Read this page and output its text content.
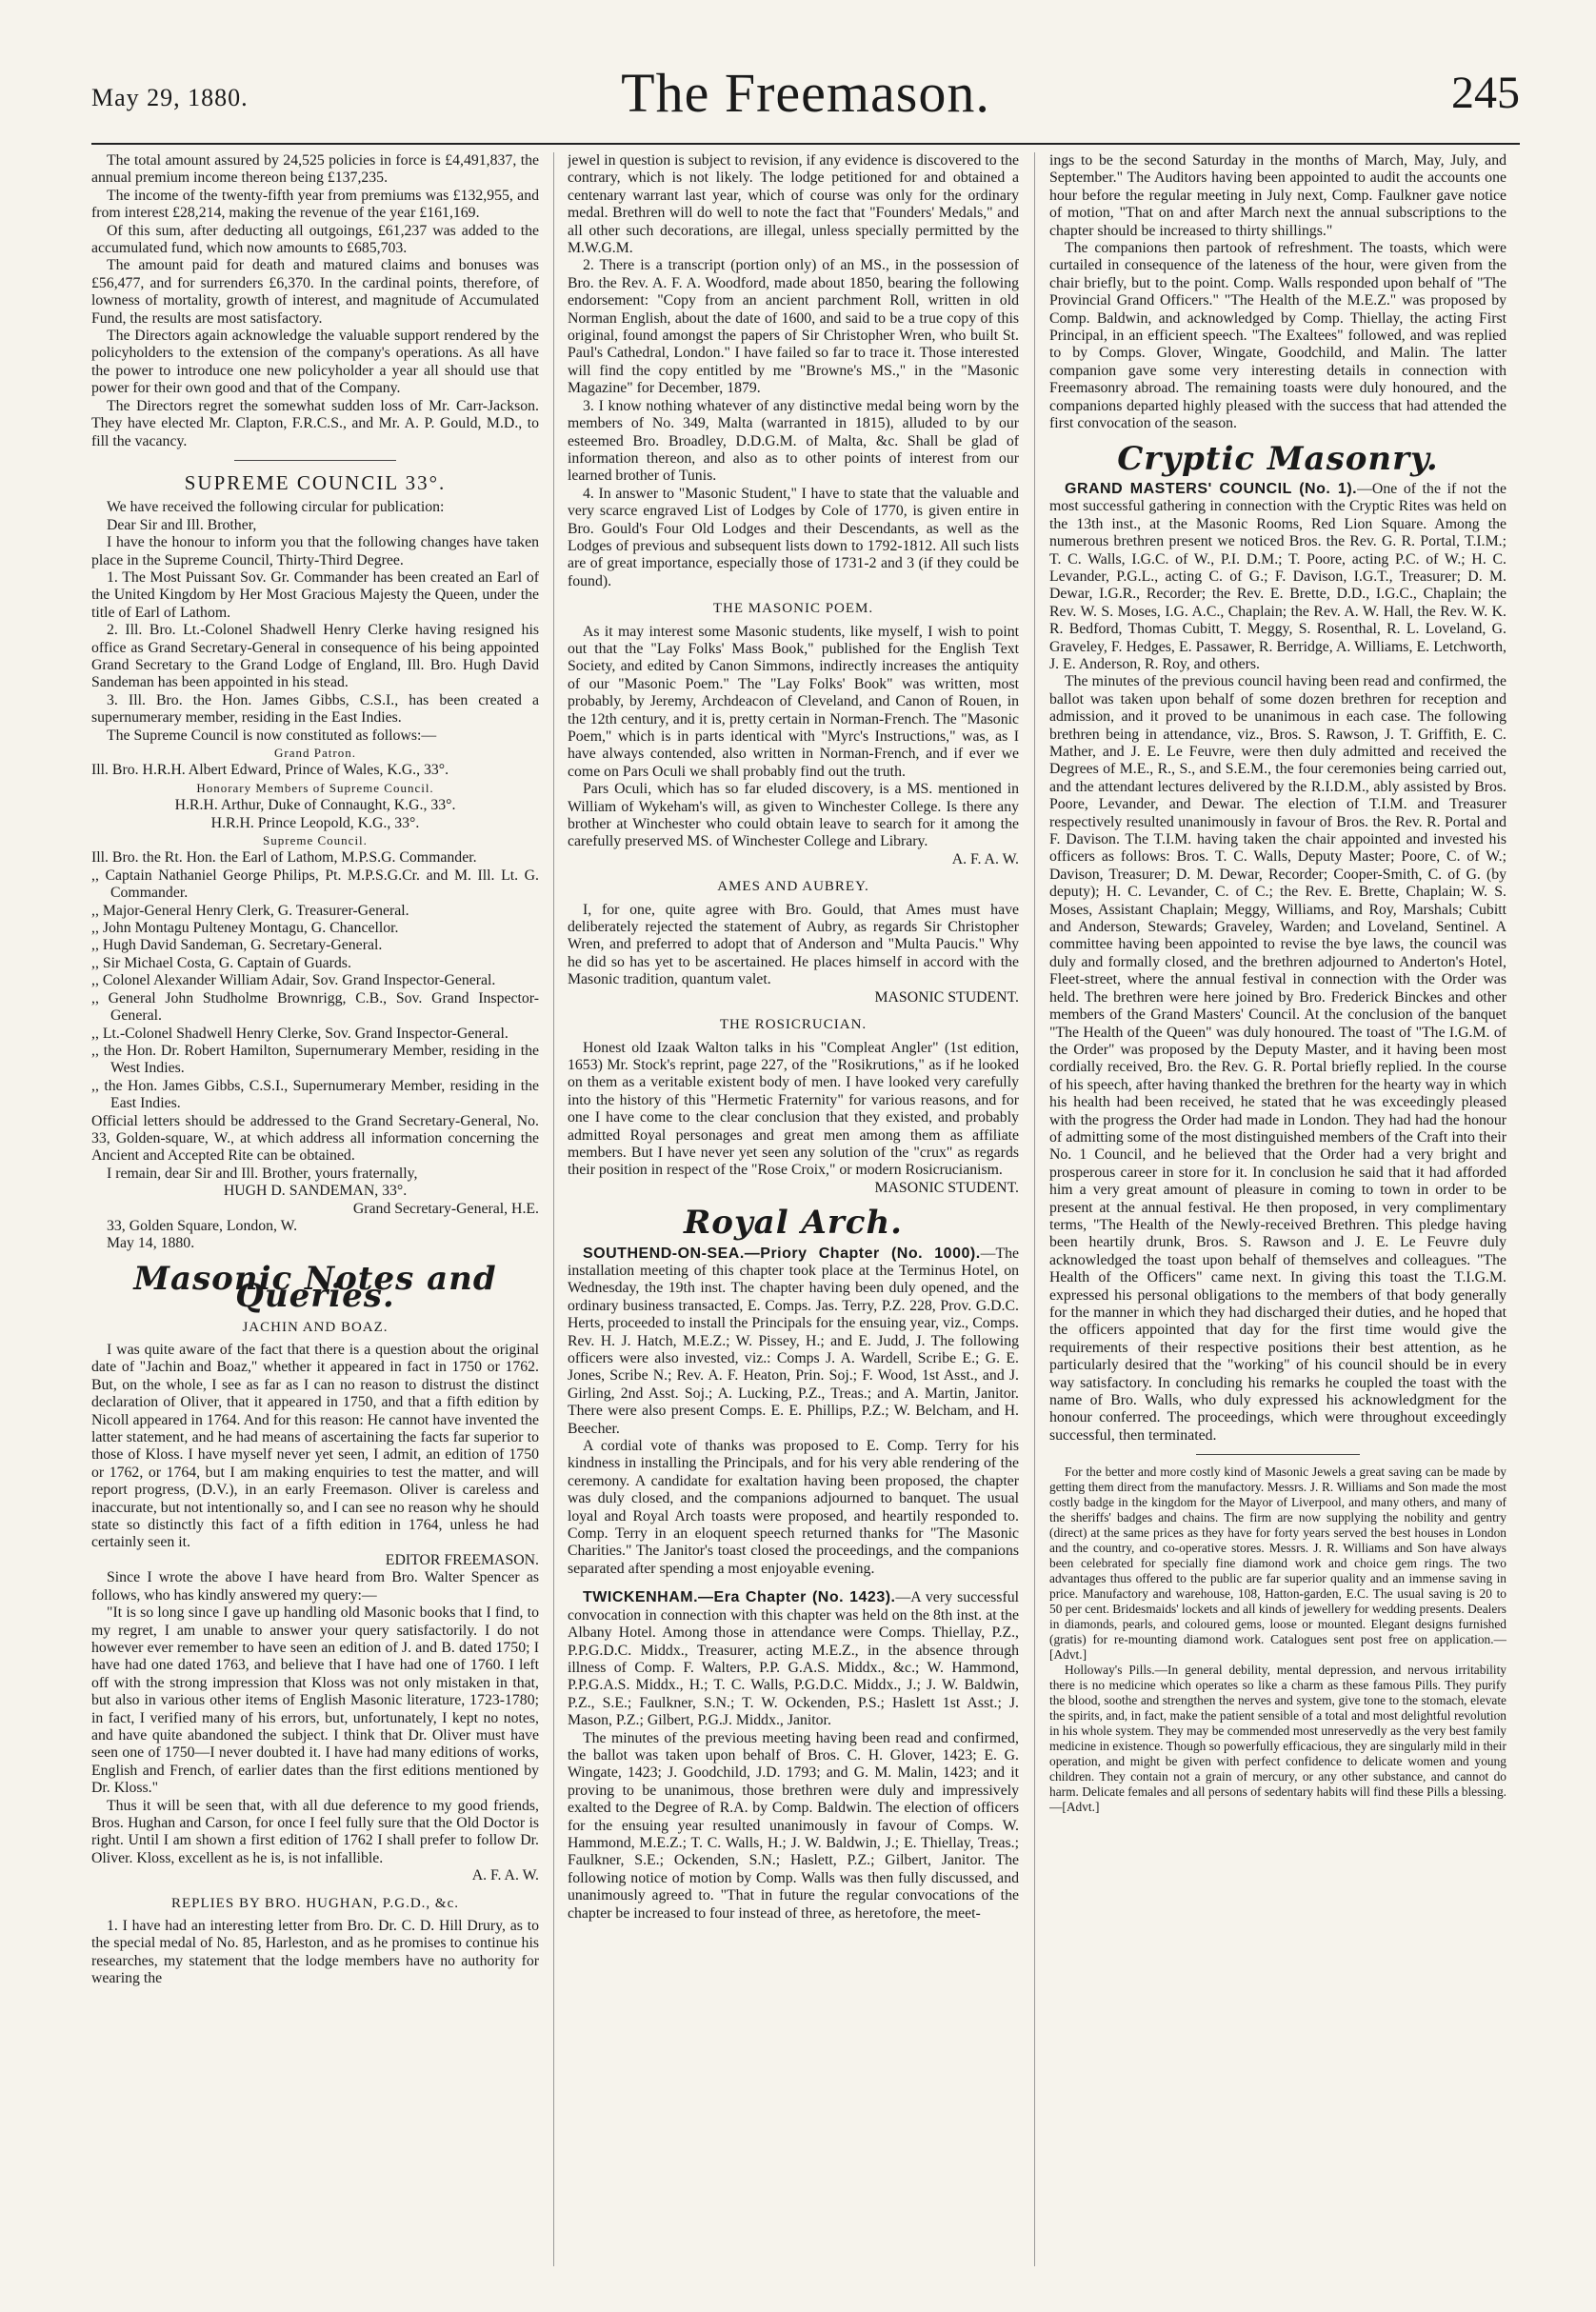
May 29, 1880.	The Freemason.	245

The total amount assured by 24,525 policies in force is £4,491,837, the annual premium income thereon being £137,235.

The income of the twenty-fifth year from premiums was £132,955, and from interest £28,214, making the revenue of the year £161,169.

Of this sum, after deducting all outgoings, £61,237 was added to the accumulated fund, which now amounts to £685,703.

The amount paid for death and matured claims and bonuses was £56,477, and for surrenders £6,370. In the cardinal points, therefore, of lowness of mortality, growth of interest, and magnitude of Accumulated Fund, the results are most satisfactory.

The Directors again acknowledge the valuable support rendered by the policyholders to the extension of the company's operations. As all have the power to introduce one new policyholder a year all should use that power for their own good and that of the Company.

The Directors regret the somewhat sudden loss of Mr. Carr-Jackson. They have elected Mr. Clapton, F.R.C.S., and Mr. A. P. Gould, M.D., to fill the vacancy.

SUPREME COUNCIL 33°.

We have received the following circular for publication:

Dear Sir and Ill. Brother,

I have the honour to inform you that the following changes have taken place in the Supreme Council, Thirty-Third Degree.

1. The Most Puissant Sov. Gr. Commander has been created an Earl of the United Kingdom by Her Most Gracious Majesty the Queen, under the title of Earl of Lathom.

2. Ill. Bro. Lt.-Colonel Shadwell Henry Clerke having resigned his office as Grand Secretary-General in consequence of his being appointed Grand Secretary to the Grand Lodge of England, Ill. Bro. Hugh David Sandeman has been appointed in his stead.

3. Ill. Bro. the Hon. James Gibbs, C.S.I., has been created a supernumerary member, residing in the East Indies.

The Supreme Council is now constituted as follows:—

Grand Patron.

Ill. Bro. H.R.H. Albert Edward, Prince of Wales, K.G., 33°.

Honorary Members of Supreme Council.

H.R.H. Arthur, Duke of Connaught, K.G., 33°.

H.R.H. Prince Leopold, K.G., 33°.

Supreme Council.

Ill. Bro. the Rt. Hon. the Earl of Lathom, M.P.S.G. Commander.

,, Captain Nathaniel George Philips, Pt. M.P.S.G.Cr. and M. Ill. Lt. G. Commander.

,, Major-General Henry Clerk, G. Treasurer-General.

,, John Montagu Pulteney Montagu, G. Chancellor.

,, Hugh David Sandeman, G. Secretary-General.

,, Sir Michael Costa, G. Captain of Guards.

,, Colonel Alexander William Adair, Sov. Grand Inspector-General.

,, General John Studholme Brownrigg, C.B., Sov. Grand Inspector-General.

,, Lt.-Colonel Shadwell Henry Clerke, Sov. Grand Inspector-General.

,, the Hon. Dr. Robert Hamilton, Supernumerary Member, residing in the West Indies.

,, the Hon. James Gibbs, C.S.I., Supernumerary Member, residing in the East Indies.

Official letters should be addressed to the Grand Secretary-General, No. 33, Golden-square, W., at which address all information concerning the Ancient and Accepted Rite can be obtained.

I remain, dear Sir and Ill. Brother, yours fraternally,

HUGH D. SANDEMAN, 33°.

Grand Secretary-General, H.E.

33, Golden Square, London, W.

May 14, 1880.

Masonic Notes and Queries.
JACHIN AND BOAZ.

I was quite aware of the fact that there is a question about the original date of "Jachin and Boaz," whether it appeared in fact in 1750 or 1762. But, on the whole, I see as far as I can no reason to distrust the distinct declaration of Oliver, that it appeared in 1750, and that a fifth edition by Nicoll appeared in 1764. And for this reason: He cannot have invented the latter statement, and he had means of ascertaining the facts far superior to those of Kloss. I have myself never yet seen, I admit, an edition of 1750 or 1762, or 1764, but I am making enquiries to test the matter, and will report progress, (D.V.), in an early Freemason. Oliver is careless and inaccurate, but not intentionally so, and I can see no reason why he should state so distinctly this fact of a fifth edition in 1764, unless he had certainly seen it.

EDITOR FREEMASON.

Since I wrote the above I have heard from Bro. Walter Spencer as follows, who has kindly answered my query:—

"It is so long since I gave up handling old Masonic books that I find, to my regret, I am unable to answer your query satisfactorily. I do not however ever remember to have seen an edition of J. and B. dated 1750; I have had one dated 1763, and believe that I have had one of 1760. I left off with the strong impression that Kloss was not only mistaken in that, but also in various other items of English Masonic literature, 1723-1780; in fact, I verified many of his errors, but, unfortunately, I kept no notes, and have quite abandoned the subject. I think that Dr. Oliver must have seen one of 1750—I never doubted it. I have had many editions of works, English and French, of earlier dates than the first editions mentioned by Dr. Kloss."

Thus it will be seen that, with all due deference to my good friends, Bros. Hughan and Carson, for once I feel fully sure that the Old Doctor is right. Until I am shown a first edition of 1762 I shall prefer to follow Dr. Oliver. Kloss, excellent as he is, is not infallible.

A. F. A. W.

REPLIES BY BRO. HUGHAN, P.G.D., &c.

1. I have had an interesting letter from Bro. Dr. C. D. Hill Drury, as to the special medal of No. 85, Harleston, and as he promises to continue his researches, my statement that the lodge members have no authority for wearing the

jewel in question is subject to revision, if any evidence is discovered to the contrary, which is not likely. The lodge petitioned for and obtained a centenary warrant last year, which of course was only for the ordinary medal. Brethren will do well to note the fact that "Founders' Medals," and all other such decorations, are illegal, unless specially permitted by the M.W.G.M.

2. There is a transcript (portion only) of an MS., in the possession of Bro. the Rev. A. F. A. Woodford, made about 1850, bearing the following endorsement: "Copy from an ancient parchment Roll, written in old Norman English, about the date of 1600, and said to be a true copy of this original, found amongst the papers of Sir Christopher Wren, who built St. Paul's Cathedral, London." I have failed so far to trace it. Those interested will find the copy entitled by me "Browne's MS.," in the "Masonic Magazine" for December, 1879.

3. I know nothing whatever of any distinctive medal being worn by the members of No. 349, Malta (warranted in 1815), alluded to by our esteemed Bro. Broadley, D.D.G.M. of Malta, &c. Shall be glad of information thereon, and also as to other points of interest from our learned brother of Tunis.

4. In answer to "Masonic Student," I have to state that the valuable and very scarce engraved List of Lodges by Cole of 1770, is given entire in Bro. Gould's Four Old Lodges and their Descendants, as well as the Lodges of previous and subsequent lists down to 1792-1812. All such lists are of great importance, especially those of 1731-2 and 3 (if they could be found).

THE MASONIC POEM.

As it may interest some Masonic students, like myself, I wish to point out that the "Lay Folks' Mass Book," published for the English Text Society, and edited by Canon Simmons, indirectly increases the antiquity of our "Masonic Poem." The "Lay Folks' Book" was written, most probably, by Jeremy, Archdeacon of Cleveland, and Canon of Rouen, in the 12th century, and it is, pretty certain in Norman-French. The "Masonic Poem," which is in parts identical with "Myrc's Instructions," was, as I have always contended, also written in Norman-French, and if ever we come on Pars Oculi we shall probably find out the truth.

Pars Oculi, which has so far eluded discovery, is a MS. mentioned in William of Wykeham's will, as given to Winchester College. Is there any brother at Winchester who could obtain leave to search for it among the carefully preserved MS. of Winchester College and Library.

A. F. A. W.

AMES AND AUBREY.

I, for one, quite agree with Bro. Gould, that Ames must have deliberately rejected the statement of Aubry, as regards Sir Christopher Wren, and preferred to adopt that of Anderson and "Multa Paucis." Why he did so has yet to be ascertained. He places himself in accord with the Masonic tradition, quantum valet.

MASONIC STUDENT.

THE ROSICRUCIAN.

Honest old Izaak Walton talks in his "Compleat Angler" (1st edition, 1653) Mr. Stock's reprint, page 227, of the "Rosikrutions," as if he looked on them as a veritable existent body of men. I have looked very carefully into the history of this "Hermetic Fraternity" for various reasons, and for one I have come to the clear conclusion that they existed, and probably admitted Royal personages and great men among them as affiliate members. But I have never yet seen any solution of the "crux" as regards their position in respect of the "Rose Croix," or modern Rosicrucianism.

MASONIC STUDENT.

Royal Arch.

SOUTHEND-ON-SEA.—Priory Chapter (No. 1000).—The installation meeting of this chapter took place at the Terminus Hotel, on Wednesday, the 19th inst. The chapter having been duly opened, and the ordinary business transacted, E. Comps. Jas. Terry, P.Z. 228, Prov. G.D.C. Herts, proceeded to install the Principals for the ensuing year, viz., Comps. Rev. H. J. Hatch, M.E.Z.; W. Pissey, H.; and E. Judd, J. The following officers were also invested, viz.: Comps J. A. Wardell, Scribe E.; G. E. Jones, Scribe N.; Rev. A. F. Heaton, Prin. Soj.; F. Wood, 1st Asst., and J. Girling, 2nd Asst. Soj.; A. Lucking, P.Z., Treas.; and A. Martin, Janitor. There were also present Comps. E. E. Phillips, P.Z.; W. Belcham, and H. Beecher.

A cordial vote of thanks was proposed to E. Comp. Terry for his kindness in installing the Principals, and for his very able rendering of the ceremony. A candidate for exaltation having been proposed, the chapter was duly closed, and the companions adjourned to banquet. The usual loyal and Royal Arch toasts were proposed, and heartily responded to. Comp. Terry in an eloquent speech returned thanks for "The Masonic Charities." The Janitor's toast closed the proceedings, and the companions separated after spending a most enjoyable evening.

TWICKENHAM.—Era Chapter (No. 1423).—A very successful convocation in connection with this chapter was held on the 8th inst. at the Albany Hotel. Among those in attendance were Comps. Thiellay, P.Z., P.P.G.D.C. Middx., Treasurer, acting M.E.Z., in the absence through illness of Comp. F. Walters, P.P. G.A.S. Middx., &c.; W. Hammond, P.P.G.A.S. Middx., H.; T. C. Walls, P.G.D.C. Middx., J.; J. W. Baldwin, P.Z., S.E.; Faulkner, S.N.; T. W. Ockenden, P.S.; Haslett 1st Asst.; J. Mason, P.Z.; Gilbert, P.G.J. Middx., Janitor.

The minutes of the previous meeting having been read and confirmed, the ballot was taken upon behalf of Bros. C. H. Glover, 1423; E. G. Wingate, 1423; J. Goodchild, J.D. 1793; and G. M. Malin, 1423; and it proving to be unanimous, those brethren were duly and impressively exalted to the Degree of R.A. by Comp. Baldwin. The election of officers for the ensuing year resulted unanimously in favour of Comps. W. Hammond, M.E.Z.; T. C. Walls, H.; J. W. Baldwin, J.; E. Thiellay, Treas.; Faulkner, S.E.; Ockenden, S.N.; Haslett, P.Z.; Gilbert, Janitor. The following notice of motion by Comp. Walls was then fully discussed, and unanimously agreed to. "That in future the regular convocations of the chapter be increased to four instead of three, as heretofore, the meet-

ings to be the second Saturday in the months of March, May, July, and September." The Auditors having been appointed to audit the accounts one hour before the regular meeting in July next, Comp. Faulkner gave notice of motion, "That on and after March next the annual subscriptions to the chapter should be increased to thirty shillings."

The companions then partook of refreshment. The toasts, which were curtailed in consequence of the lateness of the hour, were given from the chair briefly, but to the point. Comp. Walls responded upon behalf of "The Provincial Grand Officers." "The Health of the M.E.Z." was proposed by Comp. Baldwin, and acknowledged by Comp. Thiellay, the acting First Principal, in an efficient speech. "The Exaltees" followed, and was replied to by Comps. Glover, Wingate, Goodchild, and Malin. The latter companion gave some very interesting details in connection with Freemasonry abroad. The remaining toasts were duly honoured, and the companions departed highly pleased with the success that had attended the first convocation of the season.

Cryptic Masonry.

GRAND MASTERS' COUNCIL (No. 1).—One of the if not the most successful gathering in connection with the Cryptic Rites was held on the 13th inst., at the Masonic Rooms, Red Lion Square. Among the numerous brethren present we noticed Bros. the Rev. G. R. Portal, T.I.M.; T. C. Walls, I.G.C. of W., P.I. D.M.; T. Poore, acting P.C. of W.; H. C. Levander, P.G.L., acting C. of G.; F. Davison, I.G.T., Treasurer; D. M. Dewar, I.G.R., Recorder; the Rev. E. Brette, D.D., I.G.C., Chaplain; the Rev. W. S. Moses, I.G. A.C., Chaplain; the Rev. A. W. Hall, the Rev. W. K. R. Bedford, Thomas Cubitt, T. Meggy, S. Rosenthal, R. L. Loveland, G. Graveley, F. Hedges, E. Passawer, R. Berridge, A. Williams, E. Letchworth, J. E. Anderson, R. Roy, and others.

The minutes of the previous council having been read and confirmed, the ballot was taken upon behalf of some dozen brethren for reception and admission, and it proved to be unanimous in each case. The following brethren being in attendance, viz., Bros. S. Rawson, J. T. Griffith, E. C. Mather, and J. E. Le Feuvre, were then duly admitted and received the Degrees of M.E., R., S., and S.E.M., the four ceremonies being carried out, and the attendant lectures delivered by the R.I.D.M., ably assisted by Bros. Poore, Levander, and Dewar. The election of T.I.M. and Treasurer respectively resulted unanimously in favour of Bros. the Rev. R. Portal and F. Davison. The T.I.M. having taken the chair appointed and invested his officers as follows: Bros. T. C. Walls, Deputy Master; Poore, C. of W.; Davison, Treasurer; D. M. Dewar, Recorder; Cooper-Smith, C. of G. (by deputy); H. C. Levander, C. of C.; the Rev. E. Brette, Chaplain; W. S. Moses, Assistant Chaplain; Meggy, Williams, and Roy, Marshals; Cubitt and Anderson, Stewards; Graveley, Warden; and Loveland, Sentinel. A committee having been appointed to revise the bye laws, the council was duly and formally closed, and the brethren adjourned to Anderton's Hotel, Fleet-street, where the annual festival in connection with the Order was held. The brethren were here joined by Bro. Frederick Binckes and other members of the Grand Masters' Council. At the conclusion of the banquet "The Health of the Queen" was duly honoured. The toast of "The I.G.M. of the Order" was proposed by the Deputy Master, and it having been most cordially received, Bro. the Rev. G. R. Portal briefly replied. In the course of his speech, after having thanked the brethren for the hearty way in which his health had been received, he stated that he was exceedingly pleased with the progress the Order had made in London. They had had the honour of admitting some of the most distinguished members of the Craft into their No. 1 Council, and he believed that the Order had a very bright and prosperous career in store for it. In conclusion he said that it had afforded him a very great amount of pleasure in coming to town in order to be present at the annual festival. He then proposed, in very complimentary terms, "The Health of the Newly-received Brethren. This pledge having been heartily drunk, Bros. S. Rawson and J. E. Le Feuvre duly acknowledged the toast upon behalf of themselves and colleagues. "The Health of the Officers" came next. In giving this toast the T.I.G.M. expressed his personal obligations to the members of that body generally for the manner in which they had discharged their duties, and he hoped that the officers appointed that day for the first time would give the requirements of their respective positions their best attention, as he particularly desired that the "working" of his council should be in every way satisfactory. In concluding his remarks he coupled the toast with the name of Bro. Walls, who duly expressed his acknowledgment for the honour conferred. The proceedings, which were throughout exceedingly successful, then terminated.

For the better and more costly kind of Masonic Jewels a great saving can be made by getting them direct from the manufactory. Messrs. J. R. Williams and Son made the most costly badge in the kingdom for the Mayor of Liverpool, and many others, and many of the sheriffs' badges and chains. The firm are now supplying the nobility and gentry (direct) at the same prices as they have for forty years served the best houses in London and the country, and co-operative stores. Messrs. J. R. Williams and Son have always been celebrated for specially fine diamond work and choice gem rings. The two advantages thus offered to the public are far superior quality and an immense saving in price. Manufactory and warehouse, 108, Hatton-garden, E.C. The usual saving is 20 to 50 per cent. Bridesmaids' lockets and all kinds of jewellery for wedding presents. Dealers in diamonds, pearls, and coloured gems, loose or mounted. Elegant designs furnished (gratis) for re-mounting diamond work. Catalogues sent post free on application.—[Advt.]

Holloway's Pills.—In general debility, mental depression, and nervous irritability there is no medicine which operates so like a charm as these famous Pills. They purify the blood, soothe and strengthen the nerves and system, give tone to the stomach, elevate the spirits, and, in fact, make the patient sensible of a total and most delightful revolution in his whole system. They may be commended most unreservedly as the very best family medicine in existence. Though so powerfully efficacious, they are singularly mild in their operation, and might be given with perfect confidence to delicate women and young children. They contain not a grain of mercury, or any other substance, and cannot do harm. Delicate females and all persons of sedentary habits will find these Pills a blessing.—[Advt.]
